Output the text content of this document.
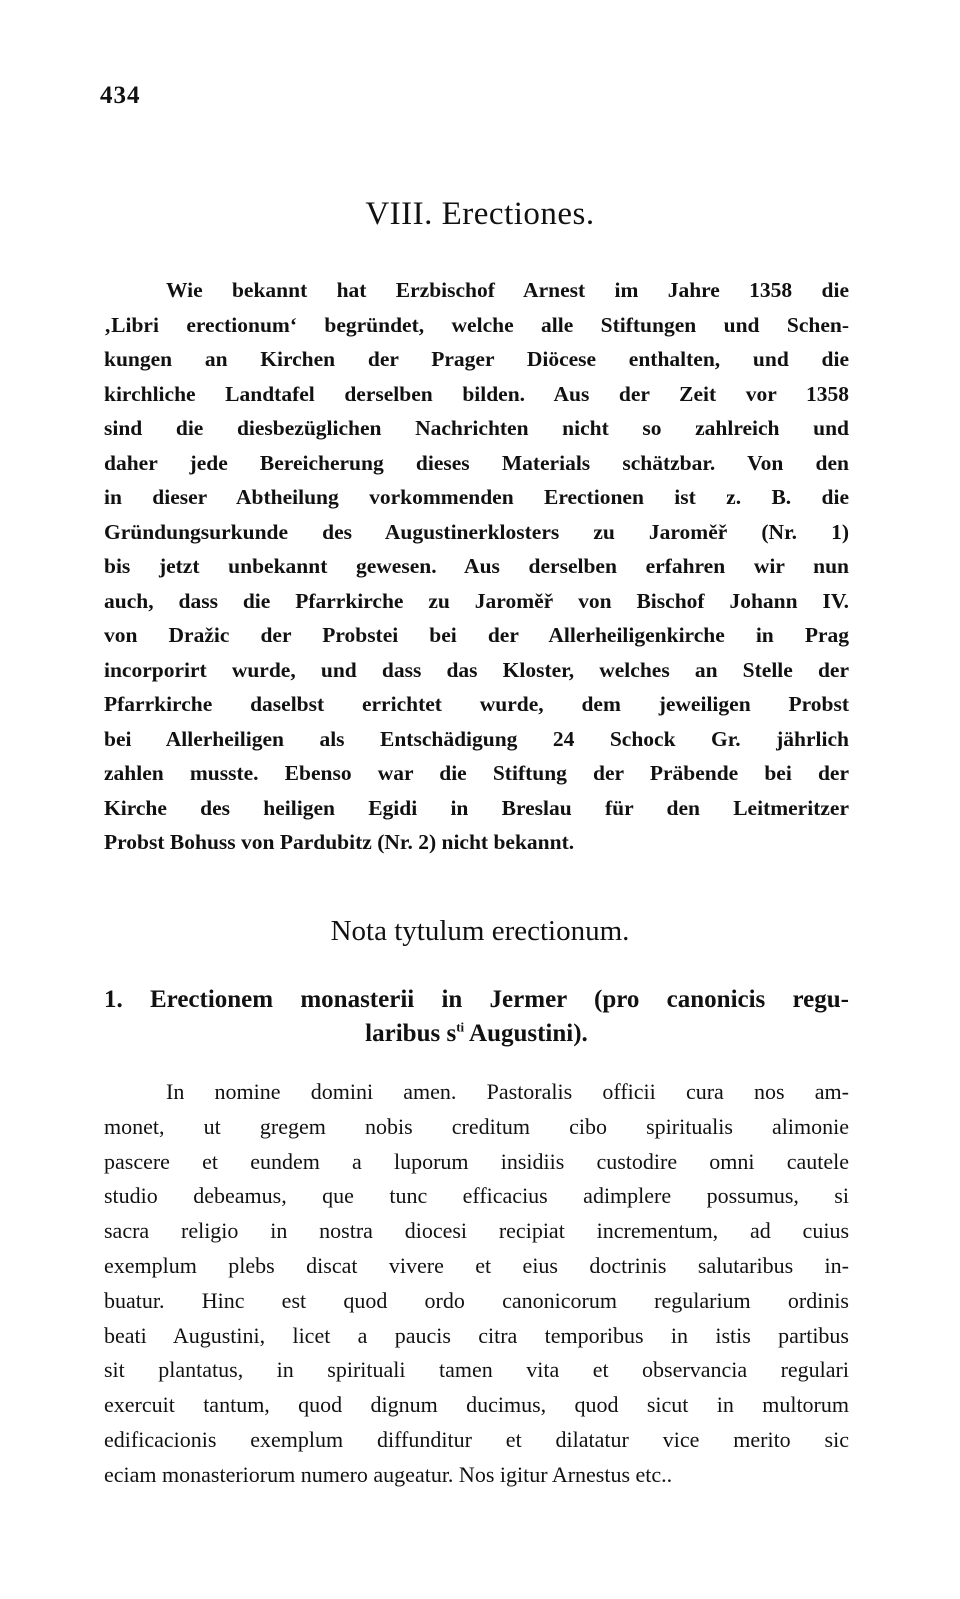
434
VIII. Erectiones.

Wie bekannt hat Erzbischof Arnest im Jahre 1358 die
‚Libri erectionum‘ begründet, welche alle Stiftungen und Schen-
kungen an Kirchen der Prager Diöcese enthalten, und die
kirchliche Landtafel derselben bilden. Aus der Zeit vor 1358
sind die diesbezüglichen Nachrichten nicht so zahlreich und
daher jede Bereicherung dieses Materials schätzbar. Von den
in dieser Abtheilung vorkommenden Erectionen ist z. B. die
Gründungsurkunde des Augustinerklosters zu Jaroměř (Nr. 1)
bis jetzt unbekannt gewesen. Aus derselben erfahren wir nun
auch, dass die Pfarrkirche zu Jaroměř von Bischof Johann IV.
von Dražic der Probstei bei der Allerheiligenkirche in Prag
incorporirt wurde, und dass das Kloster, welches an Stelle der
Pfarrkirche daselbst errichtet wurde, dem jeweiligen Probst
bei Allerheiligen als Entschädigung 24 Schock Gr. jährlich
zahlen musste. Ebenso war die Stiftung der Präbende bei der
Kirche des heiligen Egidi in Breslau für den Leitmeritzer
Probst Bohuss von Pardubitz (Nr. 2) nicht bekannt.

Nota tytulum erectionum.
1. Erectionem monasterii in Jermer (pro canonicis regu-
laribus $s^{ti}$ Augustini).

In nomine domini amen. Pastoralis officii cura nos am-
monet, ut gregem nobis creditum cibo spiritualis alimonie
pascere et eundem a luporum insidiis custodire omni cautele
studio debeamus, que tunc efficacius adimplere possumus, si
sacra religio in nostra diocesi recipiat incrementum, ad cuius
exemplum plebs discat vivere et eius doctrinis salutaribus in-
buatur. Hinc est quod ordo canonicorum regularium ordinis
beati Augustini, licet a paucis citra temporibus in istis partibus
sit plantatus, in spirituali tamen vita et observancia regulari
exercuit tantum, quod dignum ducimus, quod sicut in multorum
edificacionis exemplum diffunditur et dilatatur vice merito sic
eciam monasteriorum numero augeatur. Nos igitur Arnestus etc..
